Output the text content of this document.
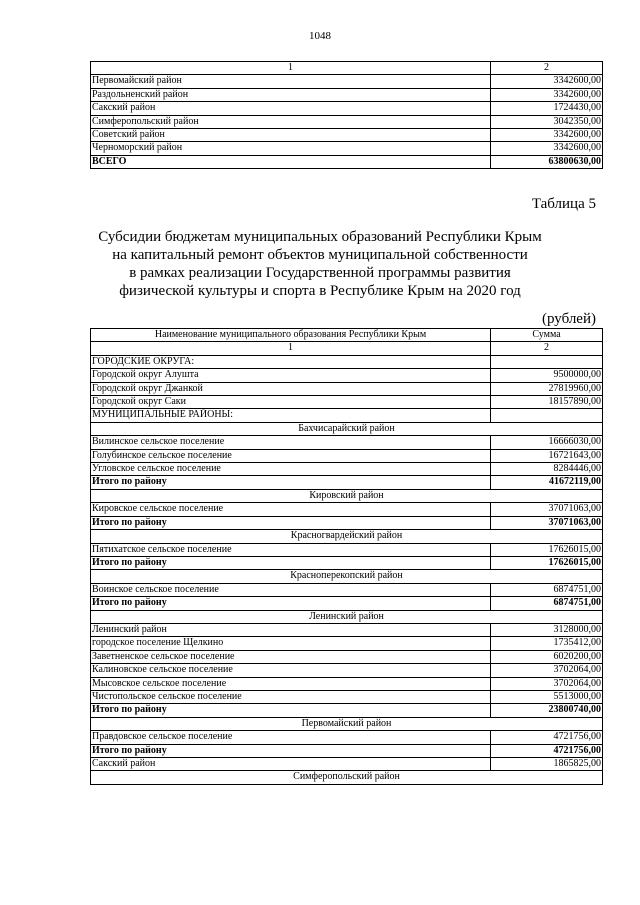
1048
1	2
Первомайский район	3342600,00
Раздольненский район	3342600,00
Сакский район	1724430,00
Симферопольский район	3042350,00
Советский район	3342600,00
Черноморский район	3342600,00
ВСЕГО	63800630,00
Таблица 5
Субсидии бюджетам муниципальных образований Республики Крым
на капитальный ремонт объектов муниципальной собственности
в рамках реализации Государственной программы развития
физической культуры и спорта в Республике Крым на 2020 год
(рублей)
Наименование муниципального образования Республики Крым	Сумма
1	2
ГОРОДСКИЕ ОКРУГА:	
Городской округ Алушта	9500000,00
Городской округ Джанкой	27819960,00
Городской округ Саки	18157890,00
МУНИЦИПАЛЬНЫЕ РАЙОНЫ:	
Бахчисарайский район	
Вилинское сельское поселение	16666030,00
Голубинское сельское поселение	16721643,00
Угловское сельское поселение	8284446,00
Итого по району	41672119,00
Кировский район	
Кировское сельское поселение	37071063,00
Итого по району	37071063,00
Красногвардейский район	
Пятихатское сельское поселение	17626015,00
Итого по району	17626015,00
Красноперекопский район	
Воинское сельское поселение	6874751,00
Итого по району	6874751,00
Ленинский район	
Ленинский район	3128000,00
городское поселение Щелкино	1735412,00
Заветненское сельское поселение	6020200,00
Калиновское сельское поселение	3702064,00
Мысовское сельское поселение	3702064,00
Чистопольское сельское поселение	5513000,00
Итого по району	23800740,00
Первомайский район	
Правдовское сельское поселение	4721756,00
Итого по району	4721756,00
Сакский район	1865825,00
Симферопольский район	
